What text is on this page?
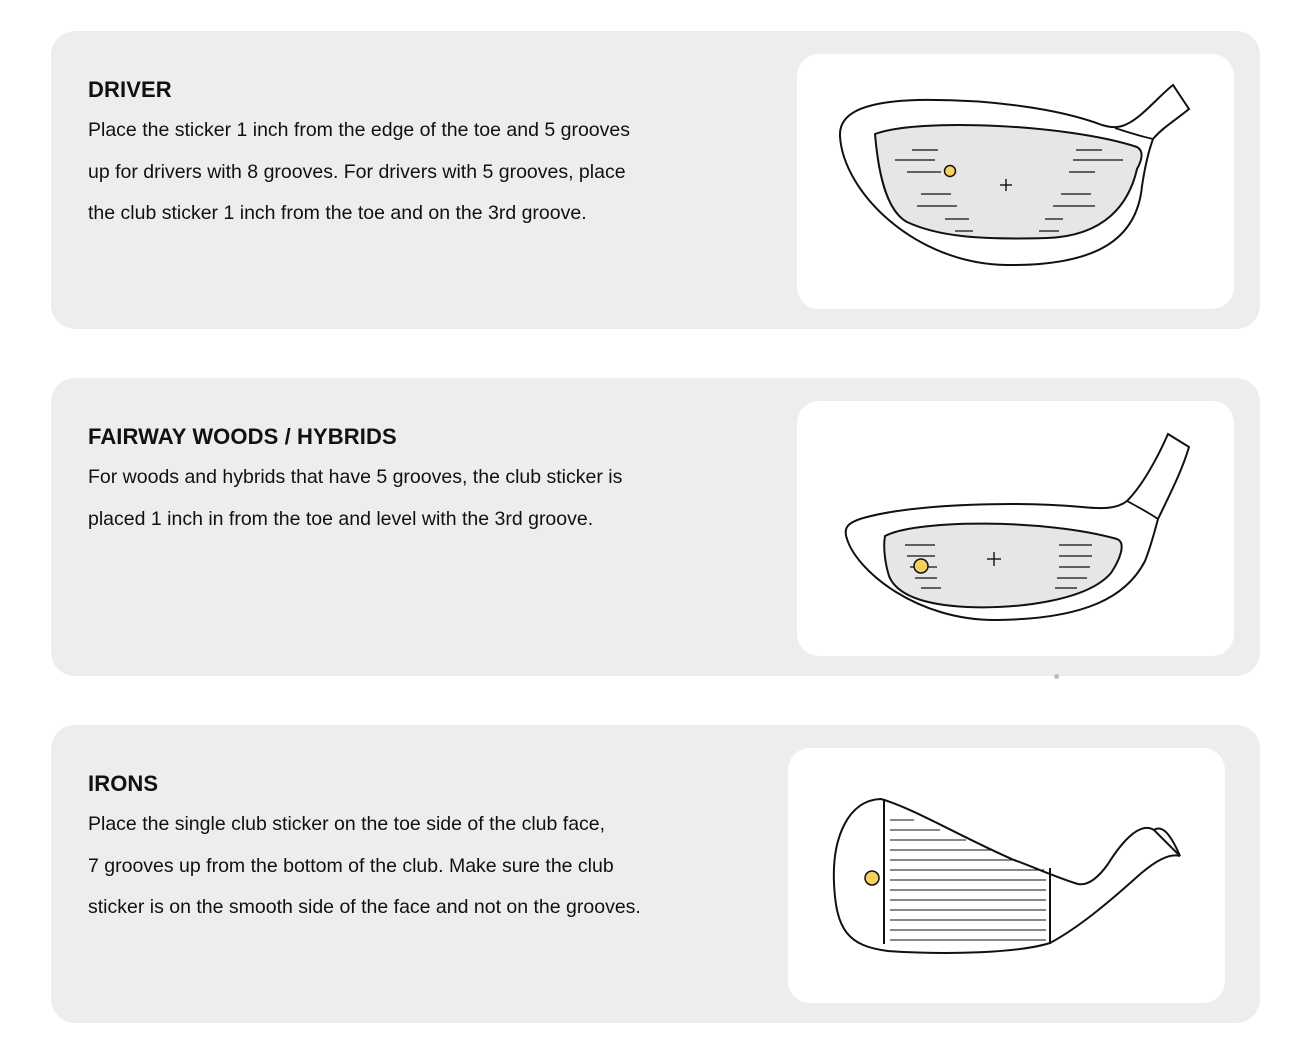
DRIVER

Place the sticker 1 inch from the edge of the toe and 5 grooves
up for drivers with 8 grooves. For drivers with 5 grooves, place
the club sticker 1 inch from the toe and on the 3rd groove.

FAIRWAY WOODS / HYBRIDS

For woods and hybrids that have 5 grooves, the club sticker is
placed 1 inch in from the toe and level with the 3rd groove.

IRONS

Place the single club sticker on the toe side of the club face,
7 grooves up from the bottom of the club. Make sure the club
sticker is on the smooth side of the face and not on the grooves.
